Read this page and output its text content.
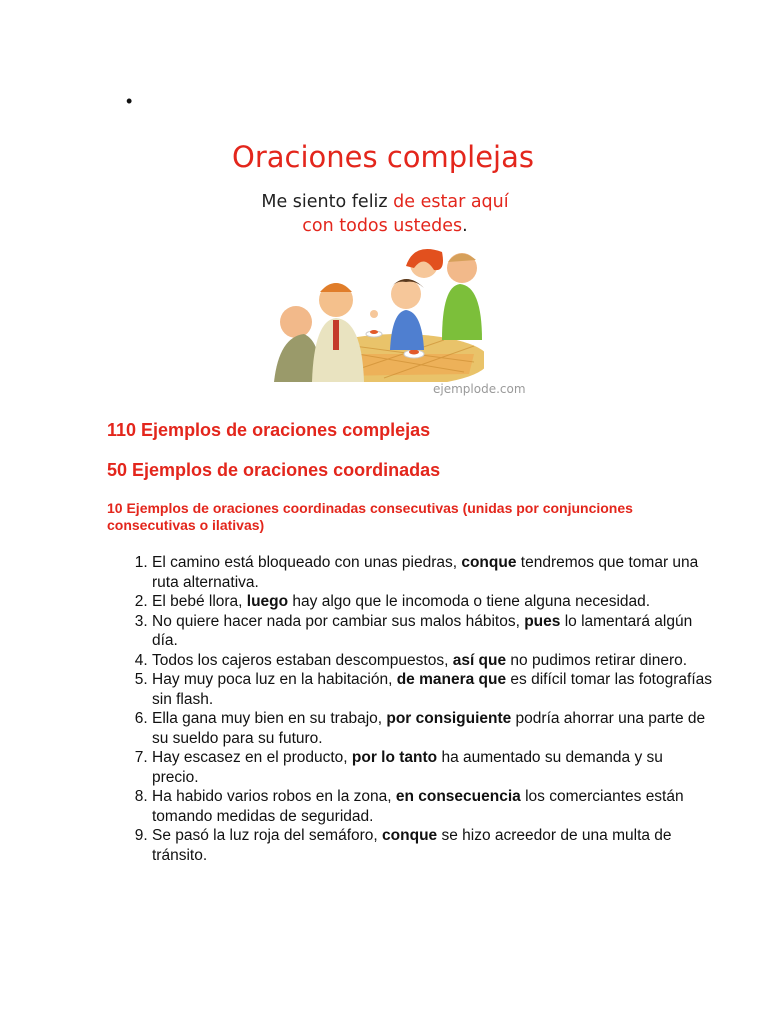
•
Oraciones complejas
Me siento feliz de estar aquí
con todos ustedes.
ejemplode.com
110 Ejemplos de oraciones complejas
50 Ejemplos de oraciones coordinadas

10 Ejemplos de oraciones coordinadas consecutivas (unidas por conjunciones consecutivas o ilativas)

1. El camino está bloqueado con unas piedras, conque tendremos que tomar una ruta alternativa.
2. El bebé llora, luego hay algo que le incomoda o tiene alguna necesidad.
3. No quiere hacer nada por cambiar sus malos hábitos, pues lo lamentará algún día.
4. Todos los cajeros estaban descompuestos, así que no pudimos retirar dinero.
5. Hay muy poca luz en la habitación, de manera que es difícil tomar las fotografías sin flash.
6. Ella gana muy bien en su trabajo, por consiguiente podría ahorrar una parte de su sueldo para su futuro.
7. Hay escasez en el producto, por lo tanto ha aumentado su demanda y su precio.
8. Ha habido varios robos en la zona, en consecuencia los comerciantes están tomando medidas de seguridad.
9. Se pasó la luz roja del semáforo, conque se hizo acreedor de una multa de tránsito.
